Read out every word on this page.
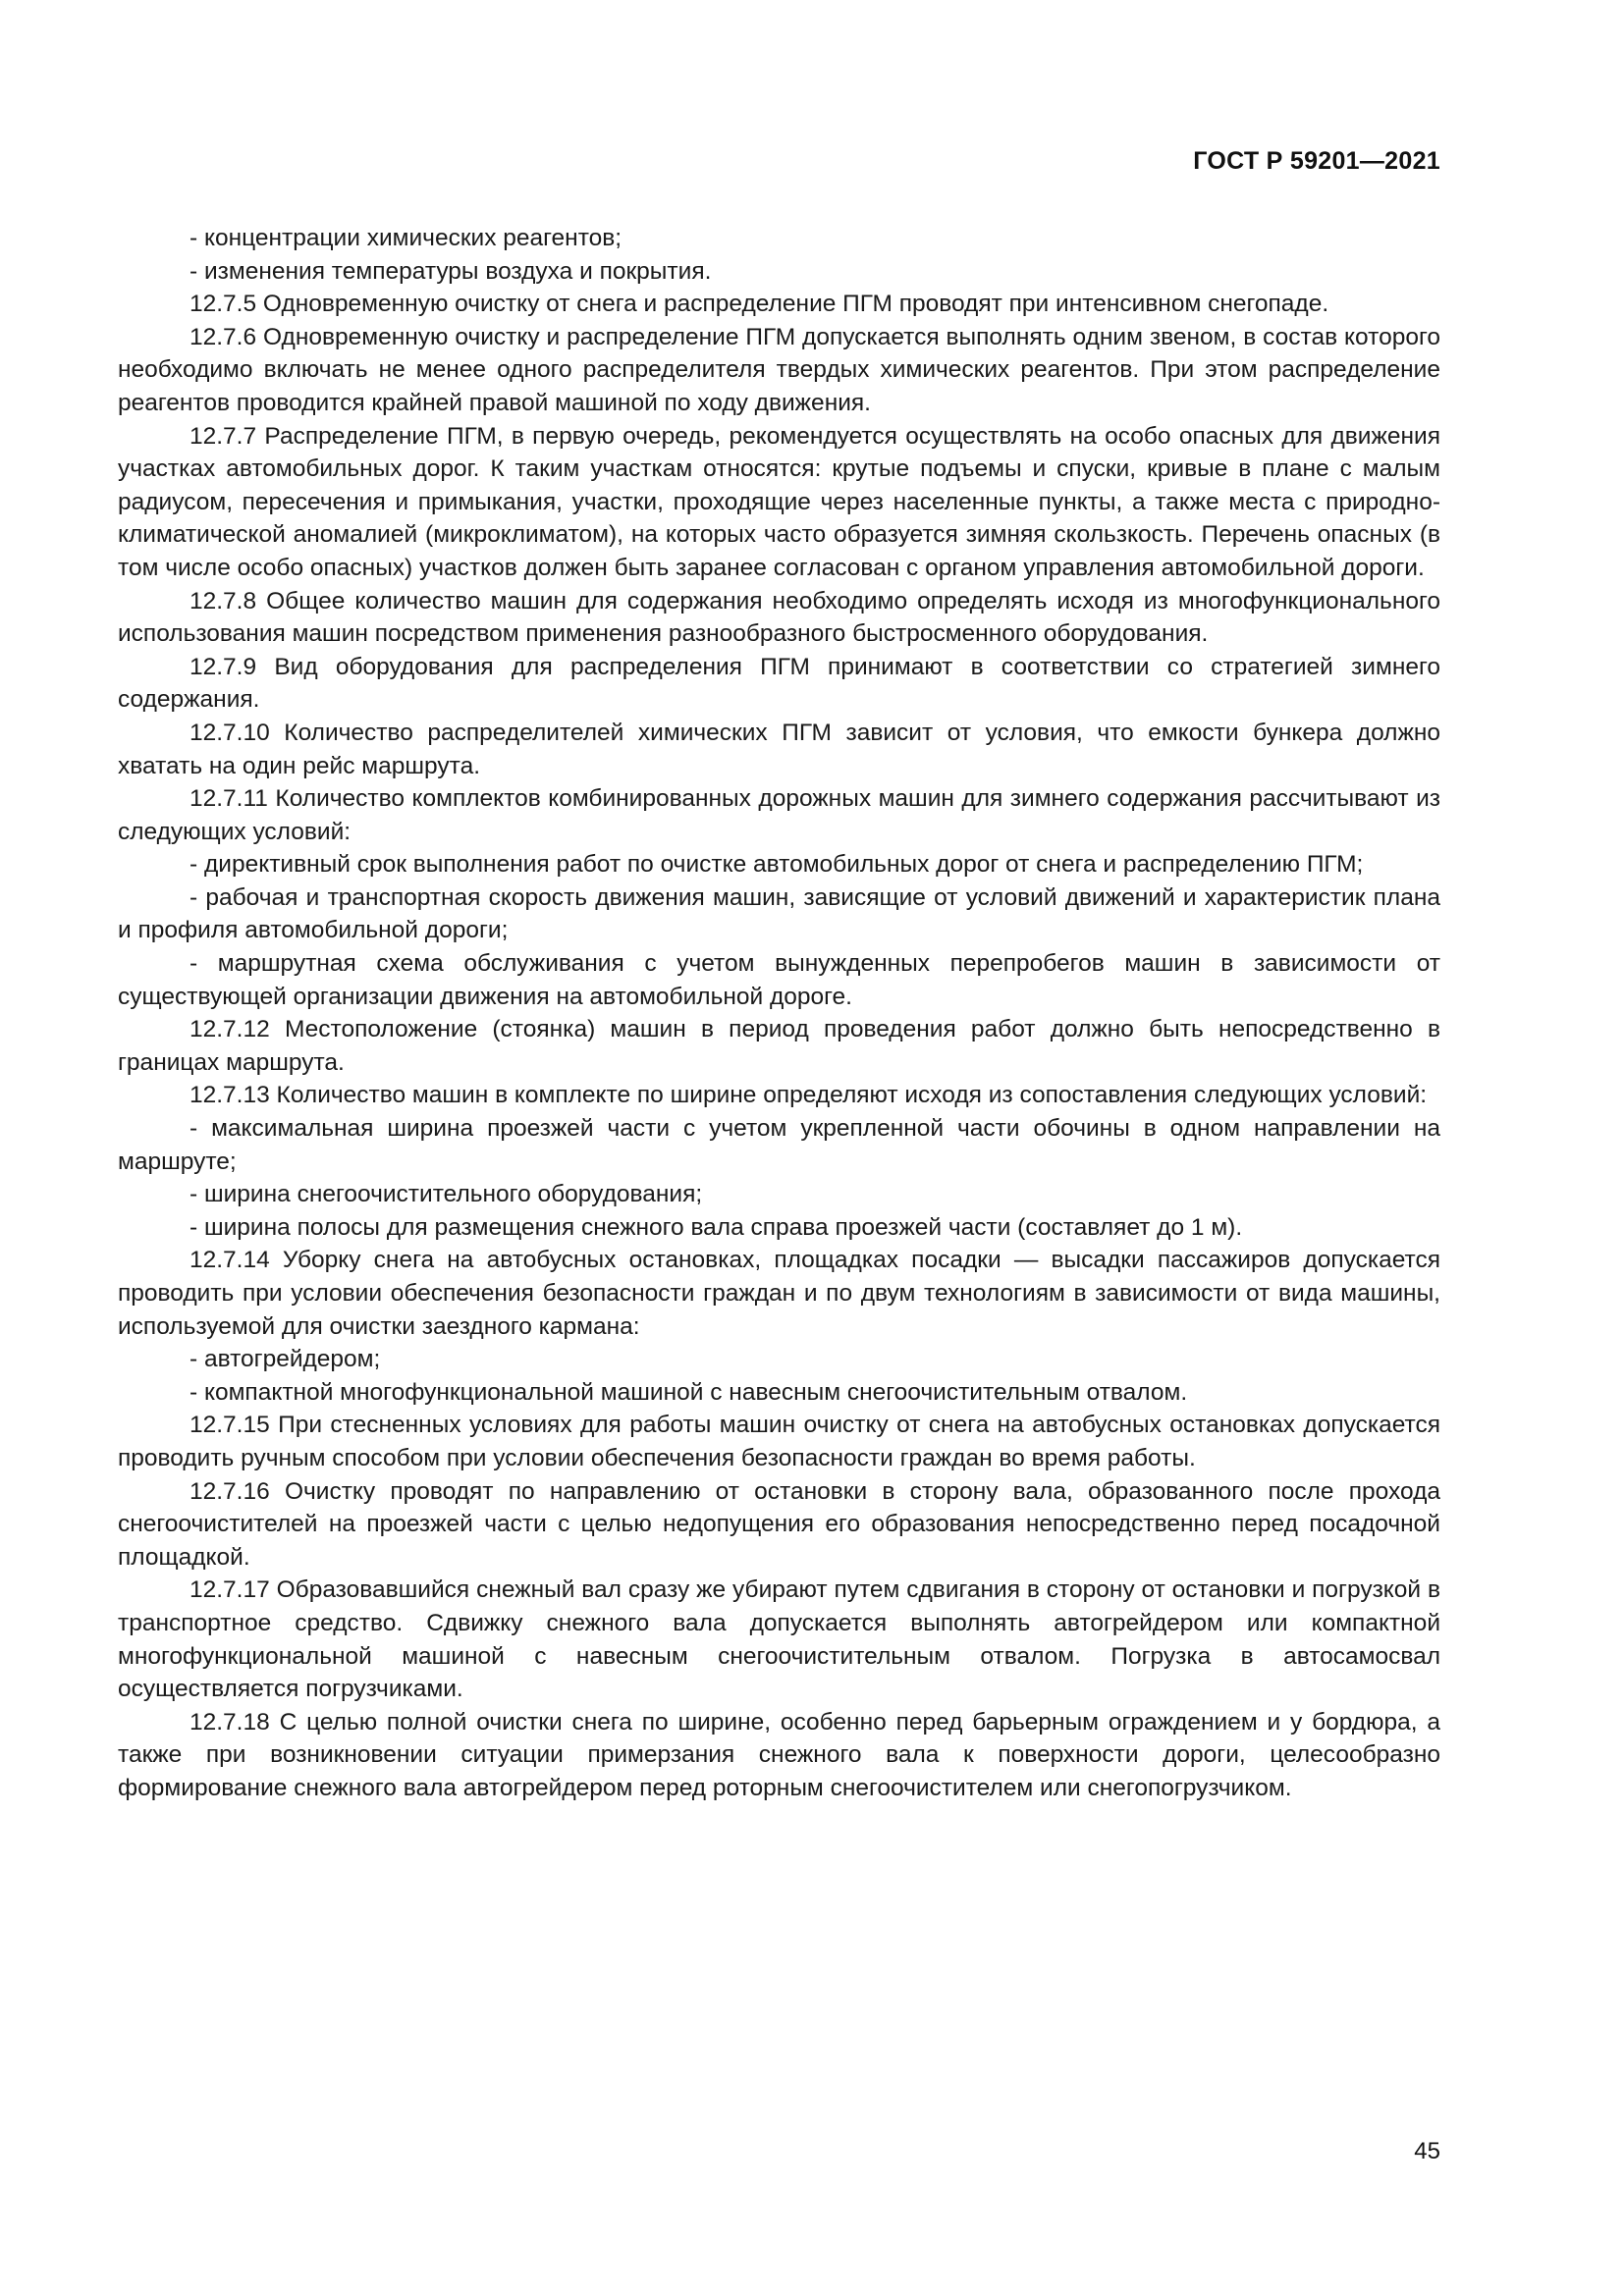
ГОСТ Р 59201—2021

- концентрации химических реагентов;

- изменения температуры воздуха и покрытия.

12.7.5 Одновременную очистку от снега и распределение ПГМ проводят при интенсивном снегопаде.

12.7.6 Одновременную очистку и распределение ПГМ допускается выполнять одним звеном, в состав которого необходимо включать не менее одного распределителя твердых химических реагентов. При этом распределение реагентов проводится крайней правой машиной по ходу движения.

12.7.7 Распределение ПГМ, в первую очередь, рекомендуется осуществлять на особо опасных для движения участках автомобильных дорог. К таким участкам относятся: крутые подъемы и спуски, кривые в плане с малым радиусом, пересечения и примыкания, участки, проходящие через населенные пункты, а также места с природно-климатической аномалией (микроклиматом), на которых часто образуется зимняя скользкость. Перечень опасных (в том числе особо опасных) участков должен быть заранее согласован с органом управления автомобильной дороги.

12.7.8 Общее количество машин для содержания необходимо определять исходя из многофункционального использования машин посредством применения разнообразного быстросменного оборудования.

12.7.9 Вид оборудования для распределения ПГМ принимают в соответствии со стратегией зимнего содержания.

12.7.10 Количество распределителей химических ПГМ зависит от условия, что емкости бункера должно хватать на один рейс маршрута.

12.7.11 Количество комплектов комбинированных дорожных машин для зимнего содержания рассчитывают из следующих условий:

- директивный срок выполнения работ по очистке автомобильных дорог от снега и распределению ПГМ;

- рабочая и транспортная скорость движения машин, зависящие от условий движений и характеристик плана и профиля автомобильной дороги;

- маршрутная схема обслуживания с учетом вынужденных перепробегов машин в зависимости от существующей организации движения на автомобильной дороге.

12.7.12 Местоположение (стоянка) машин в период проведения работ должно быть непосредственно в границах маршрута.

12.7.13 Количество машин в комплекте по ширине определяют исходя из сопоставления следующих условий:

- максимальная ширина проезжей части с учетом укрепленной части обочины в одном направлении на маршруте;

- ширина снегоочистительного оборудования;

- ширина полосы для размещения снежного вала справа проезжей части (составляет до 1 м).

12.7.14 Уборку снега на автобусных остановках, площадках посадки — высадки пассажиров допускается проводить при условии обеспечения безопасности граждан и по двум технологиям в зависимости от вида машины, используемой для очистки заездного кармана:

- автогрейдером;

- компактной многофункциональной машиной с навесным снегоочистительным отвалом.

12.7.15 При стесненных условиях для работы машин очистку от снега на автобусных остановках допускается проводить ручным способом при условии обеспечения безопасности граждан во время работы.

12.7.16 Очистку проводят по направлению от остановки в сторону вала, образованного после прохода снегоочистителей на проезжей части с целью недопущения его образования непосредственно перед посадочной площадкой.

12.7.17 Образовавшийся снежный вал сразу же убирают путем сдвигания в сторону от остановки и погрузкой в транспортное средство. Сдвижку снежного вала допускается выполнять автогрейдером или компактной многофункциональной машиной с навесным снегоочистительным отвалом. Погрузка в автосамосвал осуществляется погрузчиками.

12.7.18 С целью полной очистки снега по ширине, особенно перед барьерным ограждением и у бордюра, а также при возникновении ситуации примерзания снежного вала к поверхности дороги, целесообразно формирование снежного вала автогрейдером перед роторным снегоочистителем или снегопогрузчиком.

45
